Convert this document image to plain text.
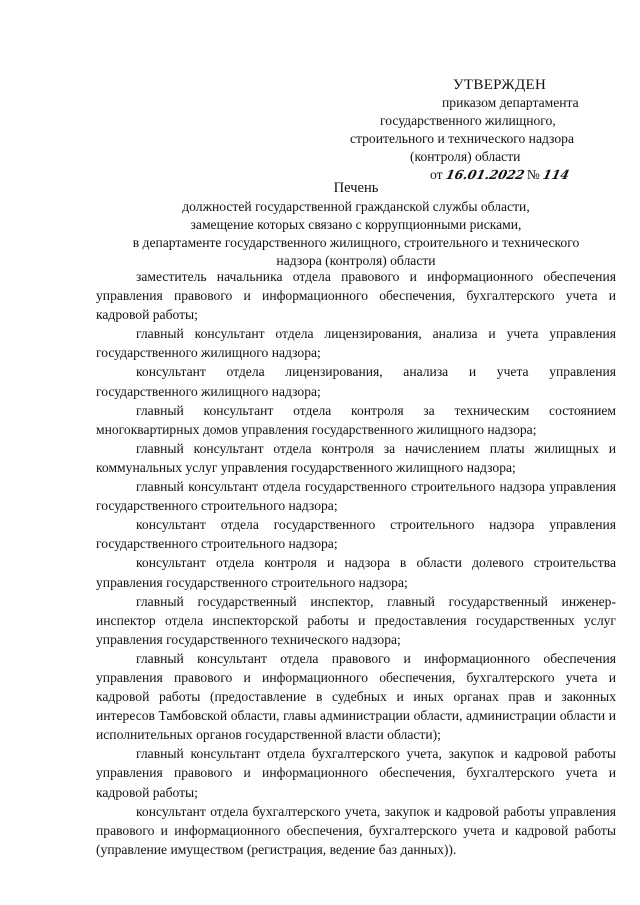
УТВЕРЖДЕН
приказом департамента
государственного жилищного,
строительного и технического надзора
(контроля) области
от 16.01.2022 № 114
Печень
должностей государственной гражданской службы области,
замещение которых связано с коррупционными рисками,
в департаменте государственного жилищного, строительного и технического
надзора (контроля) области

заместитель начальника отдела правового и информационного обеспечения управления правового и информационного обеспечения, бухгалтерского учета и кадровой работы;

главный консультант отдела лицензирования, анализа и учета управления государственного жилищного надзора;

консультант отдела лицензирования, анализа и учета управления государственного жилищного надзора;

главный консультант отдела контроля за техническим состоянием многоквартирных домов управления государственного жилищного надзора;

главный консультант отдела контроля за начислением платы жилищных и коммунальных услуг управления государственного жилищного надзора;

главный консультант отдела государственного строительного надзора управления государственного строительного надзора;

консультант отдела государственного строительного надзора управления государственного строительного надзора;

консультант отдела контроля и надзора в области долевого строительства управления государственного строительного надзора;

главный государственный инспектор, главный государственный инженер-инспектор отдела инспекторской работы и предоставления государственных услуг управления государственного технического надзора;

главный консультант отдела правового и информационного обеспечения управления правового и информационного обеспечения, бухгалтерского учета и кадровой работы (предоставление в судебных и иных органах прав и законных интересов Тамбовской области, главы администрации области, администрации области и исполнительных органов государственной власти области);

главный консультант отдела бухгалтерского учета, закупок и кадровой работы управления правового и информационного обеспечения, бухгалтерского учета и кадровой работы;

консультант отдела бухгалтерского учета, закупок и кадровой работы управления правового и информационного обеспечения, бухгалтерского учета и кадровой работы (управление имуществом (регистрация, ведение баз данных)).
